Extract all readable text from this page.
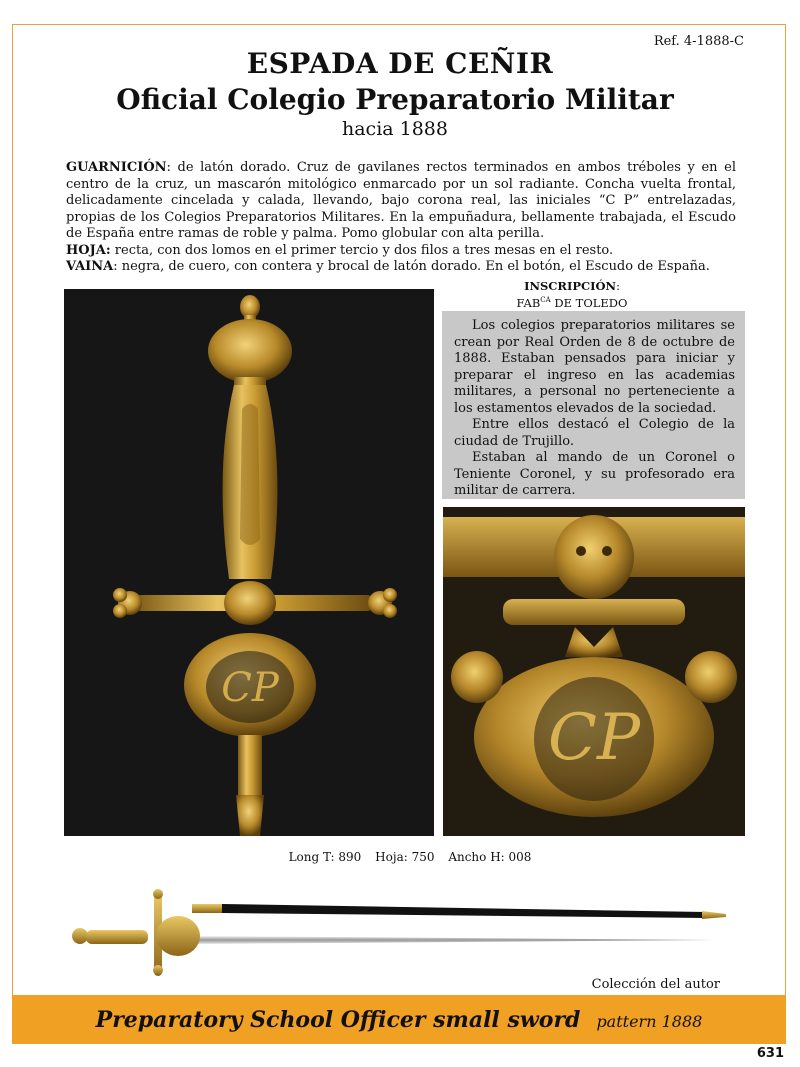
Ref. 4-1888-C
ESPADA DE CEÑIR
Oficial Colegio Preparatorio Militar
hacia 1888

GUARNICIÓN: de latón dorado. Cruz de gavilanes rectos terminados en ambos tréboles y en el centro de la cruz, un mascarón mitológico enmarcado por un sol radiante. Concha vuelta frontal, delicadamente cincelada y calada, llevando, bajo corona real, las iniciales “C P” entrelazadas, propias de los Colegios Preparatorios Militares. En la empuñadura, bellamente trabajada, el Escudo de España entre ramas de roble y palma. Pomo globular con alta perilla.

HOJA: recta, con dos lomos en el primer tercio y dos filos a tres mesas en el resto.

VAINA: negra, de cuero, con contera y brocal de latón dorado. En el botón, el Escudo de España.

CP
INSCRIPCIÓN:
$FAB^{CA}$ DE TOLEDO

Los colegios preparatorios militares se crean por Real Orden de 8 de octubre de 1888. Estaban pensados para iniciar y preparar el ingreso en las academias militares, a personal no perteneciente a los estamentos elevados de la sociedad.

Entre ellos destacó el Colegio de la ciudad de Trujillo.

Estaban al mando de un Coronel o Teniente Coronel, y su profesorado era militar de carrera.

CP
Long T: 890 Hoja: 750 Ancho H: 008
Colección del autor
Preparatory School Officer small sword pattern 1888
631
